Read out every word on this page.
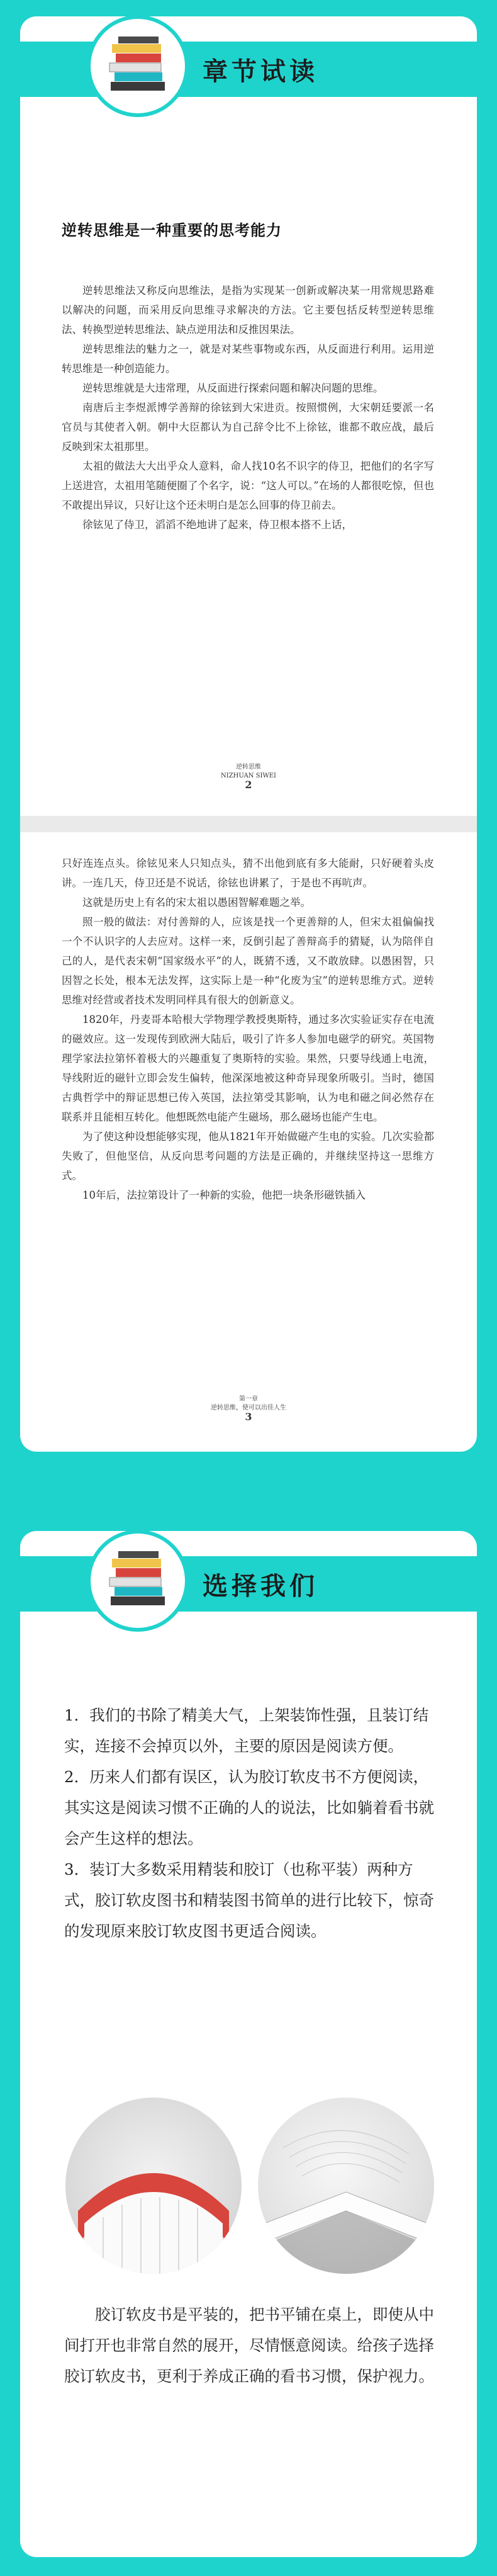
章节试读
逆转思维是一种重要的思考能力

逆转思维法又称反向思维法，是指为实现某一创新或解决某一用常规思路难以解决的问题，而采用反向思维寻求解决的方法。它主要包括反转型逆转思维法、转换型逆转思维法、缺点逆用法和反推因果法。

逆转思维法的魅力之一，就是对某些事物或东西，从反面进行利用。运用逆转思维是一种创造能力。

逆转思维就是大违常理，从反面进行探索问题和解决问题的思维。

南唐后主李煜派博学善辩的徐铉到大宋进贡。按照惯例，大宋朝廷要派一名官员与其使者入朝。朝中大臣都认为自己辞令比不上徐铉，谁都不敢应战，最后反映到宋太祖那里。

太祖的做法大大出乎众人意料，命人找10名不识字的侍卫，把他们的名字写上送进宫，太祖用笔随便圈了个名字，说：“这人可以。”在场的人都很吃惊，但也不敢提出异议，只好让这个还未明白是怎么回事的侍卫前去。

徐铉见了侍卫，滔滔不绝地讲了起来，侍卫根本搭不上话，

逆转思维
NIZHUAN SIWEI
2

只好连连点头。徐铉见来人只知点头，猜不出他到底有多大能耐，只好硬着头皮讲。一连几天，侍卫还是不说话，徐铉也讲累了，于是也不再吭声。

这就是历史上有名的宋太祖以愚困智解难题之举。

照一般的做法：对付善辩的人，应该是找一个更善辩的人，但宋太祖偏偏找一个不认识字的人去应对。这样一来，反倒引起了善辩高手的猜疑，认为陪伴自己的人，是代表宋朝“国家级水平”的人，既猜不透，又不敢放肆。以愚困智，只因智之长处，根本无法发挥，这实际上是一种“化废为宝”的逆转思维方式。逆转思维对经营或者技术发明同样具有很大的创新意义。

1820年，丹麦哥本哈根大学物理学教授奥斯特，通过多次实验证实存在电流的磁效应。这一发现传到欧洲大陆后，吸引了许多人参加电磁学的研究。英国物理学家法拉第怀着极大的兴趣重复了奥斯特的实验。果然，只要导线通上电流，导线附近的磁针立即会发生偏转，他深深地被这种奇异现象所吸引。当时，德国古典哲学中的辩证思想已传入英国，法拉第受其影响，认为电和磁之间必然存在联系并且能相互转化。他想既然电能产生磁场，那么磁场也能产生电。

为了使这种设想能够实现，他从1821年开始做磁产生电的实验。几次实验都失败了，但他坚信，从反向思考问题的方法是正确的，并继续坚持这一思维方式。

10年后，法拉第设计了一种新的实验，他把一块条形磁铁插入

第一章
逆转思维，使可以出佳人生
3
选择我们

1．我们的书除了精美大气，上架装饰性强，且装订结实，连接不会掉页以外，主要的原因是阅读方便。

2．历来人们都有误区，认为胶订软皮书不方便阅读，其实这是阅读习惯不正确的人的说法，比如躺着看书就会产生这样的想法。

3．装订大多数采用精装和胶订（也称平装）两种方式，胶订软皮图书和精装图书简单的进行比较下，惊奇的发现原来胶订软皮图书更适合阅读。

胶订软皮书是平装的，把书平铺在桌上，即使从中间打开也非常自然的展开，尽情惬意阅读。给孩子选择胶订软皮书，更利于养成正确的看书习惯，保护视力。
